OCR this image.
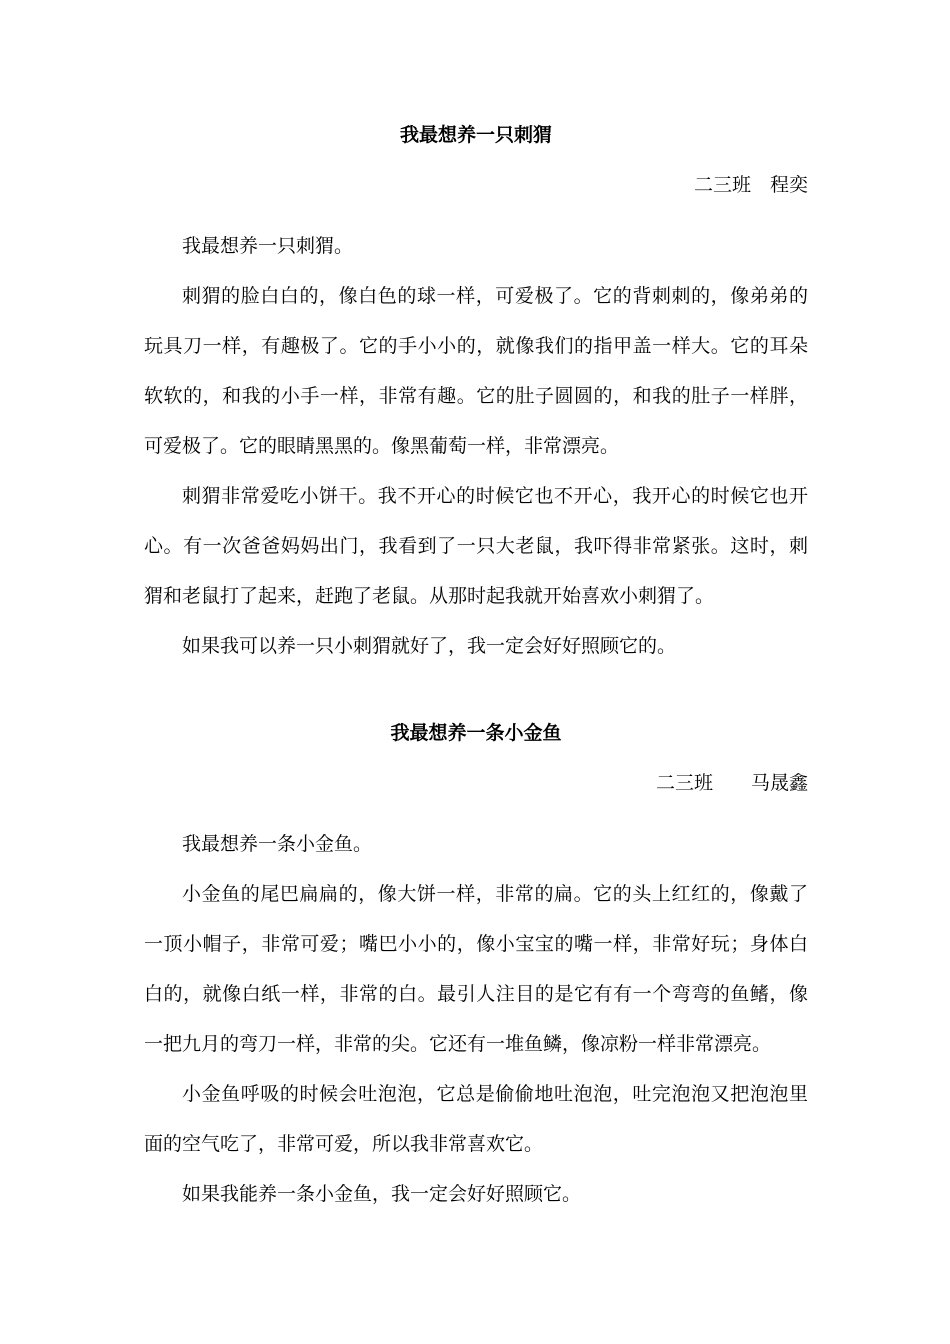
我最想养一只刺猬
二三班　程奕

我最想养一只刺猬。

刺猬的脸白白的，像白色的球一样，可爱极了。它的背刺刺的，像弟弟的玩具刀一样，有趣极了。它的手小小的，就像我们的指甲盖一样大。它的耳朵软软的，和我的小手一样，非常有趣。它的肚子圆圆的，和我的肚子一样胖，可爱极了。它的眼睛黑黑的。像黑葡萄一样，非常漂亮。

刺猬非常爱吃小饼干。我不开心的时候它也不开心，我开心的时候它也开心。有一次爸爸妈妈出门，我看到了一只大老鼠，我吓得非常紧张。这时，刺猬和老鼠打了起来，赶跑了老鼠。从那时起我就开始喜欢小刺猬了。

如果我可以养一只小刺猬就好了，我一定会好好照顾它的。

我最想养一条小金鱼
二三班　　马晟鑫

我最想养一条小金鱼。

小金鱼的尾巴扁扁的，像大饼一样，非常的扁。它的头上红红的，像戴了一顶小帽子，非常可爱；嘴巴小小的，像小宝宝的嘴一样，非常好玩；身体白白的，就像白纸一样，非常的白。最引人注目的是它有有一个弯弯的鱼鳍，像一把九月的弯刀一样，非常的尖。它还有一堆鱼鳞，像凉粉一样非常漂亮。

小金鱼呼吸的时候会吐泡泡，它总是偷偷地吐泡泡，吐完泡泡又把泡泡里面的空气吃了，非常可爱，所以我非常喜欢它。

如果我能养一条小金鱼，我一定会好好照顾它。
